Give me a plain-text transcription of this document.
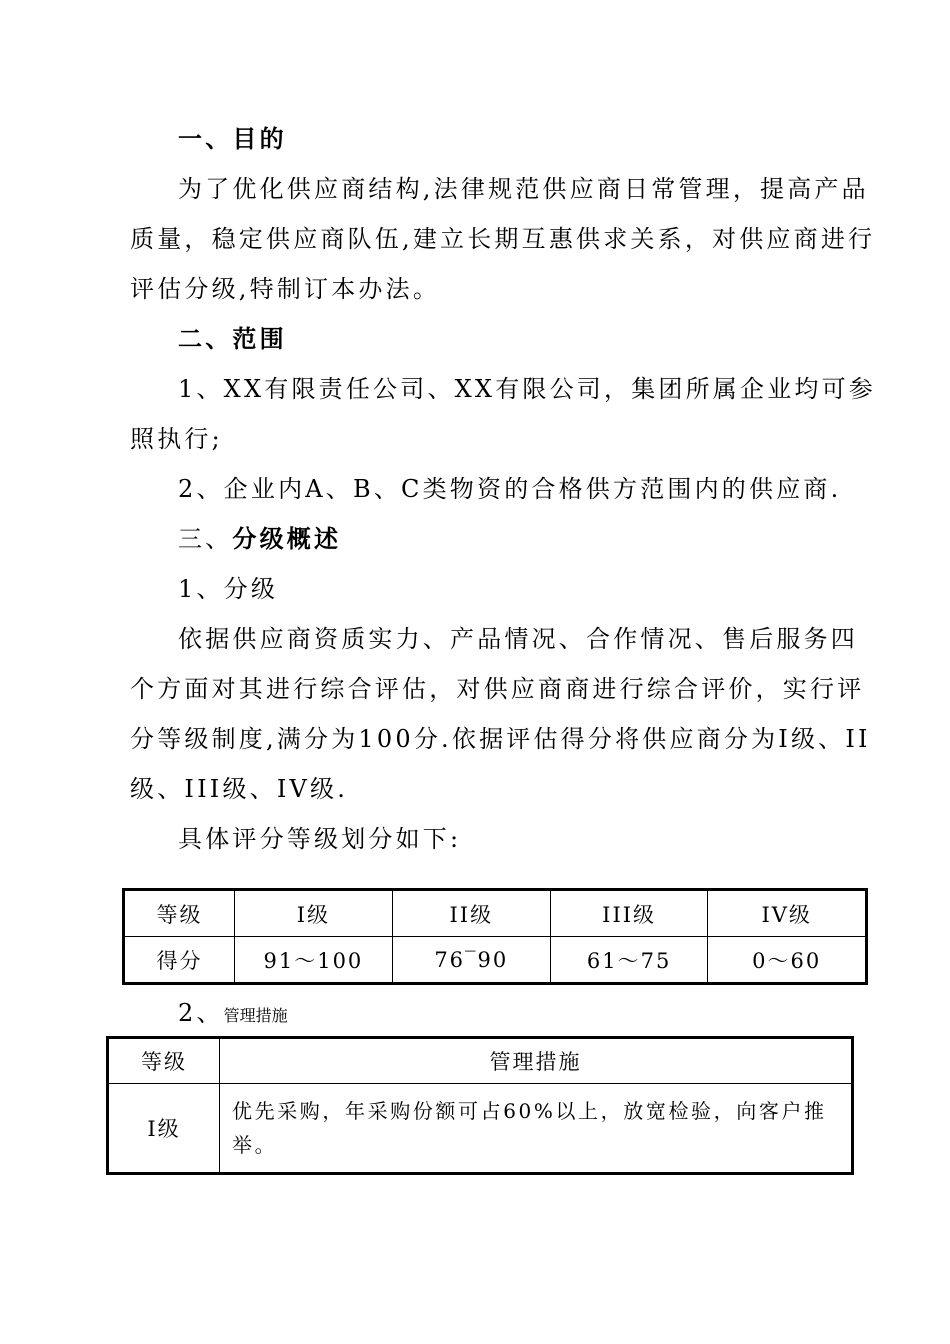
一、目的
为了优化供应商结构,法律规范供应商日常管理，提高产品
质量，稳定供应商队伍,建立长期互惠供求关系，对供应商进行
评估分级,特制订本办法。
二、范围
1、XX有限责任公司、XX有限公司，集团所属企业均可参
照执行;
2、企业内A、B、C类物资的合格供方范围内的供应商.
三、分级概述
1、分级
依据供应商资质实力、产品情况、合作情况、售后服务四
个方面对其进行综合评估，对供应商商进行综合评价，实行评
分等级制度,满分为100分.依据评估得分将供应商分为I级、II
级、III级、IV级.
具体评分等级划分如下:
等级	I级	II级	III级	IV级
得分	91～100	76‾90	61～75	0～60
2、管理措施
等级	管理措施
I级	优先采购，年采购份额可占60%以上，放宽检验，向客户推举。
